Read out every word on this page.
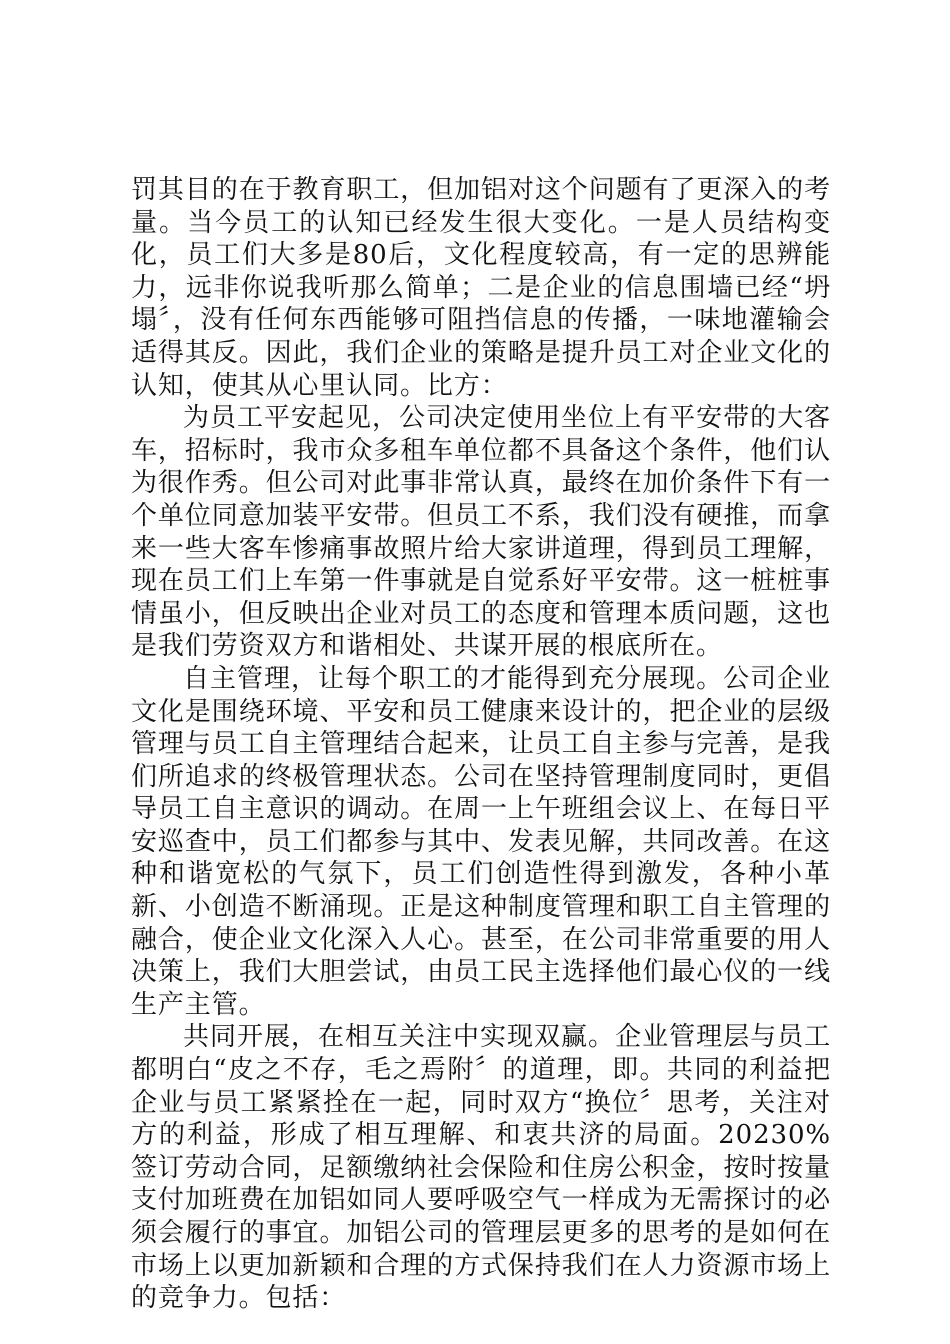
罚其目的在于教育职工，但加铝对这个问题有了更深入的考量。当今员工的认知已经发生很大变化。一是人员结构变化，员工们大多是80后，文化程度较高，有一定的思辨能力，远非你说我听那么简单；二是企业的信息围墙已经“坍塌〞，没有任何东西能够可阻挡信息的传播，一味地灌输会适得其反。因此，我们企业的策略是提升员工对企业文化的认知，使其从心里认同。比方：

为员工平安起见，公司决定使用坐位上有平安带的大客车，招标时，我市众多租车单位都不具备这个条件，他们认为很作秀。但公司对此事非常认真，最终在加价条件下有一个单位同意加装平安带。但员工不系，我们没有硬推，而拿来一些大客车惨痛事故照片给大家讲道理，得到员工理解，现在员工们上车第一件事就是自觉系好平安带。这一桩桩事情虽小，但反映出企业对员工的态度和管理本质问题，这也是我们劳资双方和谐相处、共谋开展的根底所在。

自主管理，让每个职工的才能得到充分展现。公司企业文化是围绕环境、平安和员工健康来设计的，把企业的层级管理与员工自主管理结合起来，让员工自主参与完善，是我们所追求的终极管理状态。公司在坚持管理制度同时，更倡导员工自主意识的调动。在周一上午班组会议上、在每日平安巡查中，员工们都参与其中、发表见解，共同改善。在这种和谐宽松的气氛下，员工们创造性得到激发，各种小革新、小创造不断涌现。正是这种制度管理和职工自主管理的融合，使企业文化深入人心。甚至，在公司非常重要的用人决策上，我们大胆尝试，由员工民主选择他们最心仪的一线生产主管。

共同开展，在相互关注中实现双赢。企业管理层与员工都明白“皮之不存，毛之焉附〞的道理，即。共同的利益把企业与员工紧紧拴在一起，同时双方“换位〞思考，关注对方的利益，形成了相互理解、和衷共济的局面。20230%签订劳动合同，足额缴纳社会保险和住房公积金，按时按量支付加班费在加铝如同人要呼吸空气一样成为无需探讨的必须会履行的事宜。加铝公司的管理层更多的思考的是如何在市场上以更加新颖和合理的方式保持我们在人力资源市场上的竞争力。包括：
